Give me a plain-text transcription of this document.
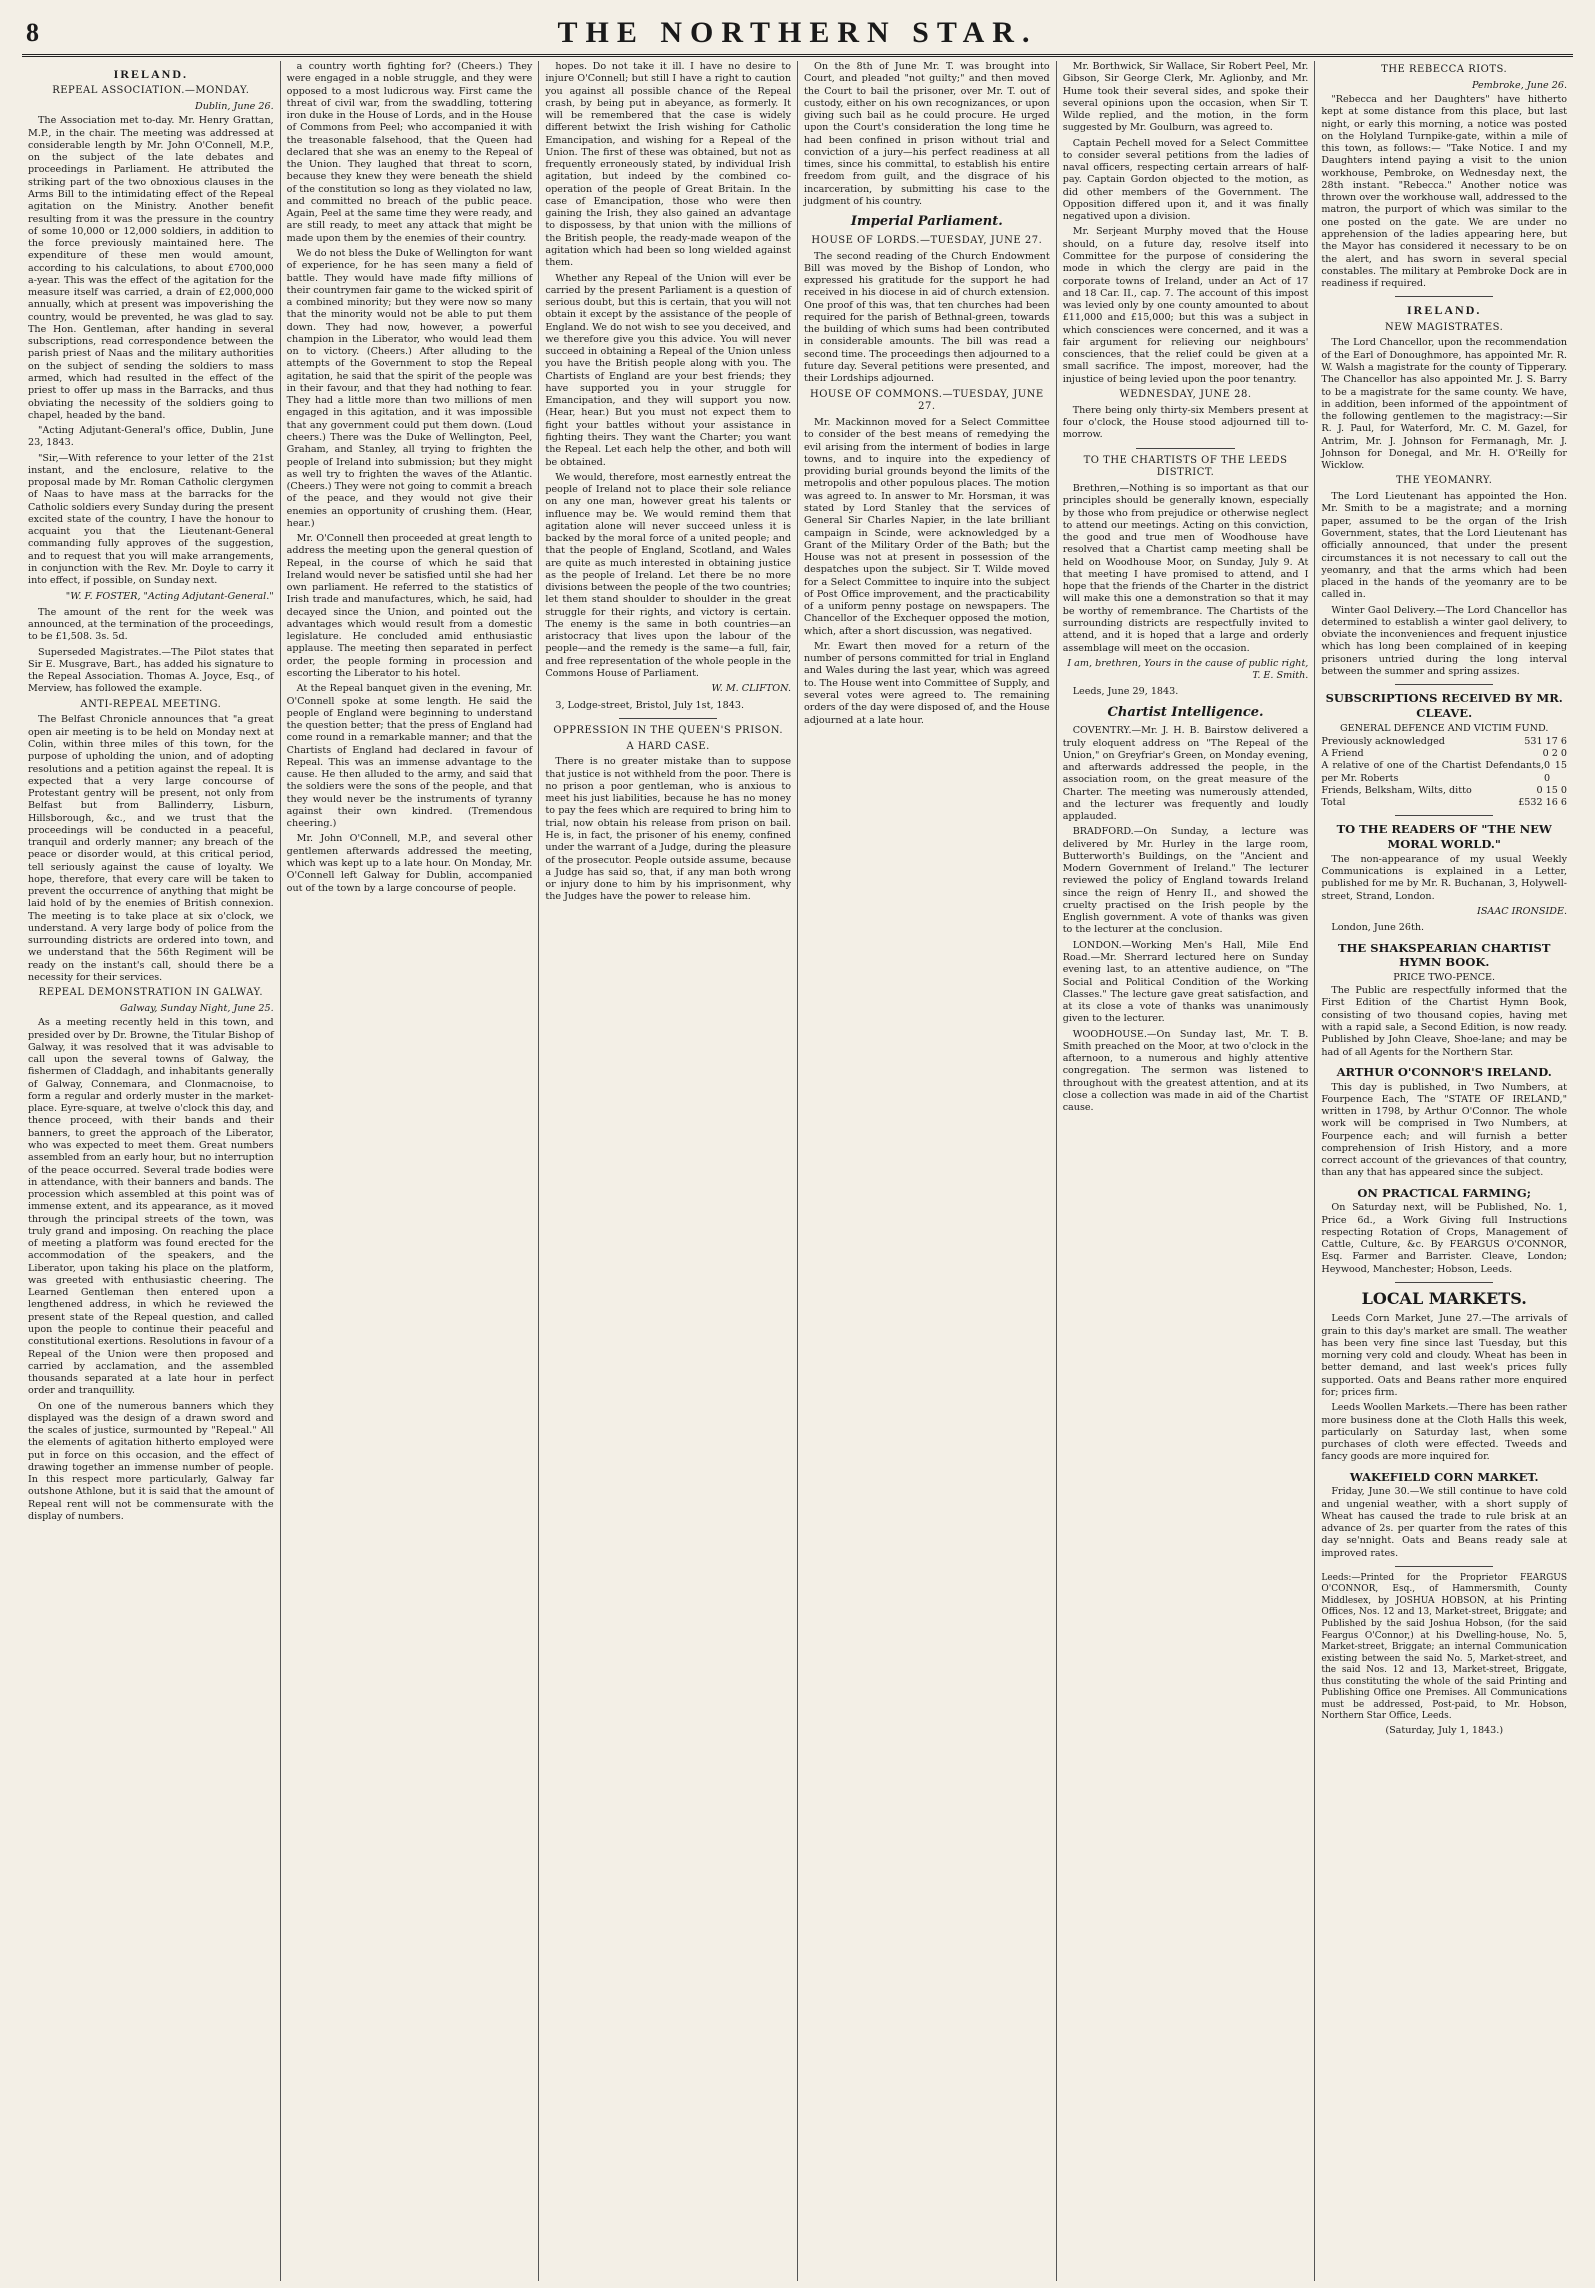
8	THE NORTHERN STAR.
IRELAND.
REPEAL ASSOCIATION.—MONDAY.
Dublin, June 26.

The Association met to-day. Mr. Henry Grattan, M.P., in the chair. The meeting was addressed at considerable length by Mr. John O'Connell, M.P., on the subject of the late debates and proceedings in Parliament. He attributed the striking part of the two obnoxious clauses in the Arms Bill to the intimidating effect of the Repeal agitation on the Ministry. Another benefit resulting from it was the pressure in the country of some 10,000 or 12,000 soldiers, in addition to the force previously maintained here. The expenditure of these men would amount, according to his calculations, to about £700,000 a-year. This was the effect of the agitation for the measure itself was carried, a drain of £2,000,000 annually, which at present was impoverishing the country, would be prevented, he was glad to say. The Hon. Gentleman, after handing in several subscriptions, read correspondence between the parish priest of Naas and the military authorities on the subject of sending the soldiers to mass armed, which had resulted in the effect of the priest to offer up mass in the Barracks, and thus obviating the necessity of the soldiers going to chapel, headed by the band.

"Acting Adjutant-General's office, Dublin, June 23, 1843.

"Sir,—With reference to your letter of the 21st instant, and the enclosure, relative to the proposal made by Mr. Roman Catholic clergymen of Naas to have mass at the barracks for the Catholic soldiers every Sunday during the present excited state of the country, I have the honour to acquaint you that the Lieutenant-General commanding fully approves of the suggestion, and to request that you will make arrangements, in conjunction with the Rev. Mr. Doyle to carry it into effect, if possible, on Sunday next.

"W. F. FOSTER, "Acting Adjutant-General."

The amount of the rent for the week was announced, at the termination of the proceedings, to be £1,508. 3s. 5d.

Superseded Magistrates.—The Pilot states that Sir E. Musgrave, Bart., has added his signature to the Repeal Association. Thomas A. Joyce, Esq., of Merview, has followed the example.

ANTI-REPEAL MEETING.

The Belfast Chronicle announces that "a great open air meeting is to be held on Monday next at Colin, within three miles of this town, for the purpose of upholding the union, and of adopting resolutions and a petition against the repeal. It is expected that a very large concourse of Protestant gentry will be present, not only from Belfast but from Ballinderry, Lisburn, Hillsborough, &c., and we trust that the proceedings will be conducted in a peaceful, tranquil and orderly manner; any breach of the peace or disorder would, at this critical period, tell seriously against the cause of loyalty. We hope, therefore, that every care will be taken to prevent the occurrence of anything that might be laid hold of by the enemies of British connexion. The meeting is to take place at six o'clock, we understand. A very large body of police from the surrounding districts are ordered into town, and we understand that the 56th Regiment will be ready on the instant's call, should there be a necessity for their services.

REPEAL DEMONSTRATION IN GALWAY.
Galway, Sunday Night, June 25.

As a meeting recently held in this town, and presided over by Dr. Browne, the Titular Bishop of Galway, it was resolved that it was advisable to call upon the several towns of Galway, the fishermen of Claddagh, and inhabitants generally of Galway, Connemara, and Clonmacnoise, to form a regular and orderly muster in the market-place. Eyre-square, at twelve o'clock this day, and thence proceed, with their bands and their banners, to greet the approach of the Liberator, who was expected to meet them. Great numbers assembled from an early hour, but no interruption of the peace occurred. Several trade bodies were in attendance, with their banners and bands. The procession which assembled at this point was of immense extent, and its appearance, as it moved through the principal streets of the town, was truly grand and imposing. On reaching the place of meeting a platform was found erected for the accommodation of the speakers, and the Liberator, upon taking his place on the platform, was greeted with enthusiastic cheering. The Learned Gentleman then entered upon a lengthened address, in which he reviewed the present state of the Repeal question, and called upon the people to continue their peaceful and constitutional exertions. Resolutions in favour of a Repeal of the Union were then proposed and carried by acclamation, and the assembled thousands separated at a late hour in perfect order and tranquillity.

On one of the numerous banners which they displayed was the design of a drawn sword and the scales of justice, surmounted by "Repeal." All the elements of agitation hitherto employed were put in force on this occasion, and the effect of drawing together an immense number of people. In this respect more particularly, Galway far outshone Athlone, but it is said that the amount of Repeal rent will not be commensurate with the display of numbers.

a country worth fighting for? (Cheers.) They were engaged in a noble struggle, and they were opposed to a most ludicrous way. First came the threat of civil war, from the swaddling, tottering iron duke in the House of Lords, and in the House of Commons from Peel; who accompanied it with the treasonable falsehood, that the Queen had declared that she was an enemy to the Repeal of the Union. They laughed that threat to scorn, because they knew they were beneath the shield of the constitution so long as they violated no law, and committed no breach of the public peace. Again, Peel at the same time they were ready, and are still ready, to meet any attack that might be made upon them by the enemies of their country.

We do not bless the Duke of Wellington for want of experience, for he has seen many a field of battle. They would have made fifty millions of their countrymen fair game to the wicked spirit of a combined minority; but they were now so many that the minority would not be able to put them down. They had now, however, a powerful champion in the Liberator, who would lead them on to victory. (Cheers.) After alluding to the attempts of the Government to stop the Repeal agitation, he said that the spirit of the people was in their favour, and that they had nothing to fear. They had a little more than two millions of men engaged in this agitation, and it was impossible that any government could put them down. (Loud cheers.) There was the Duke of Wellington, Peel, Graham, and Stanley, all trying to frighten the people of Ireland into submission; but they might as well try to frighten the waves of the Atlantic. (Cheers.) They were not going to commit a breach of the peace, and they would not give their enemies an opportunity of crushing them. (Hear, hear.)

Mr. O'Connell then proceeded at great length to address the meeting upon the general question of Repeal, in the course of which he said that Ireland would never be satisfied until she had her own parliament. He referred to the statistics of Irish trade and manufactures, which, he said, had decayed since the Union, and pointed out the advantages which would result from a domestic legislature. He concluded amid enthusiastic applause. The meeting then separated in perfect order, the people forming in procession and escorting the Liberator to his hotel.

At the Repeal banquet given in the evening, Mr. O'Connell spoke at some length. He said the people of England were beginning to understand the question better; that the press of England had come round in a remarkable manner; and that the Chartists of England had declared in favour of Repeal. This was an immense advantage to the cause. He then alluded to the army, and said that the soldiers were the sons of the people, and that they would never be the instruments of tyranny against their own kindred. (Tremendous cheering.)

Mr. John O'Connell, M.P., and several other gentlemen afterwards addressed the meeting, which was kept up to a late hour. On Monday, Mr. O'Connell left Galway for Dublin, accompanied out of the town by a large concourse of people.

hopes. Do not take it ill. I have no desire to injure O'Connell; but still I have a right to caution you against all possible chance of the Repeal crash, by being put in abeyance, as formerly. It will be remembered that the case is widely different betwixt the Irish wishing for Catholic Emancipation, and wishing for a Repeal of the Union. The first of these was obtained, but not as frequently erroneously stated, by individual Irish agitation, but indeed by the combined co-operation of the people of Great Britain. In the case of Emancipation, those who were then gaining the Irish, they also gained an advantage to dispossess, by that union with the millions of the British people, the ready-made weapon of the agitation which had been so long wielded against them.

Whether any Repeal of the Union will ever be carried by the present Parliament is a question of serious doubt, but this is certain, that you will not obtain it except by the assistance of the people of England. We do not wish to see you deceived, and we therefore give you this advice. You will never succeed in obtaining a Repeal of the Union unless you have the British people along with you. The Chartists of England are your best friends; they have supported you in your struggle for Emancipation, and they will support you now. (Hear, hear.) But you must not expect them to fight your battles without your assistance in fighting theirs. They want the Charter; you want the Repeal. Let each help the other, and both will be obtained.

We would, therefore, most earnestly entreat the people of Ireland not to place their sole reliance on any one man, however great his talents or influence may be. We would remind them that agitation alone will never succeed unless it is backed by the moral force of a united people; and that the people of England, Scotland, and Wales are quite as much interested in obtaining justice as the people of Ireland. Let there be no more divisions between the people of the two countries; let them stand shoulder to shoulder in the great struggle for their rights, and victory is certain. The enemy is the same in both countries—an aristocracy that lives upon the labour of the people—and the remedy is the same—a full, fair, and free representation of the whole people in the Commons House of Parliament.

W. M. CLIFTON.

3, Lodge-street, Bristol, July 1st, 1843.

OPPRESSION IN THE QUEEN'S PRISON.
A HARD CASE.

There is no greater mistake than to suppose that justice is not withheld from the poor. There is no prison a poor gentleman, who is anxious to meet his just liabilities, because he has no money to pay the fees which are required to bring him to trial, now obtain his release from prison on bail. He is, in fact, the prisoner of his enemy, confined under the warrant of a Judge, during the pleasure of the prosecutor. People outside assume, because a Judge has said so, that, if any man both wrong or injury done to him by his imprisonment, why the Judges have the power to release him.

On the 8th of June Mr. T. was brought into Court, and pleaded "not guilty;" and then moved the Court to bail the prisoner, over Mr. T. out of custody, either on his own recognizances, or upon giving such bail as he could procure. He urged upon the Court's consideration the long time he had been confined in prison without trial and conviction of a jury—his perfect readiness at all times, since his committal, to establish his entire freedom from guilt, and the disgrace of his incarceration, by submitting his case to the judgment of his country.

Imperial Parliament.
HOUSE OF LORDS.—TUESDAY, JUNE 27.

The second reading of the Church Endowment Bill was moved by the Bishop of London, who expressed his gratitude for the support he had received in his diocese in aid of church extension. One proof of this was, that ten churches had been required for the parish of Bethnal-green, towards the building of which sums had been contributed in considerable amounts. The bill was read a second time. The proceedings then adjourned to a future day. Several petitions were presented, and their Lordships adjourned.

HOUSE OF COMMONS.—TUESDAY, JUNE 27.

Mr. Mackinnon moved for a Select Committee to consider of the best means of remedying the evil arising from the interment of bodies in large towns, and to inquire into the expediency of providing burial grounds beyond the limits of the metropolis and other populous places. The motion was agreed to. In answer to Mr. Horsman, it was stated by Lord Stanley that the services of General Sir Charles Napier, in the late brilliant campaign in Scinde, were acknowledged by a Grant of the Military Order of the Bath; but the House was not at present in possession of the despatches upon the subject. Sir T. Wilde moved for a Select Committee to inquire into the subject of Post Office improvement, and the practicability of a uniform penny postage on newspapers. The Chancellor of the Exchequer opposed the motion, which, after a short discussion, was negatived.

Mr. Ewart then moved for a return of the number of persons committed for trial in England and Wales during the last year, which was agreed to. The House went into Committee of Supply, and several votes were agreed to. The remaining orders of the day were disposed of, and the House adjourned at a late hour.

Mr. Borthwick, Sir Wallace, Sir Robert Peel, Mr. Gibson, Sir George Clerk, Mr. Aglionby, and Mr. Hume took their several sides, and spoke their several opinions upon the occasion, when Sir T. Wilde replied, and the motion, in the form suggested by Mr. Goulburn, was agreed to.

Captain Pechell moved for a Select Committee to consider several petitions from the ladies of naval officers, respecting certain arrears of half-pay. Captain Gordon objected to the motion, as did other members of the Government. The Opposition differed upon it, and it was finally negatived upon a division.

Mr. Serjeant Murphy moved that the House should, on a future day, resolve itself into Committee for the purpose of considering the mode in which the clergy are paid in the corporate towns of Ireland, under an Act of 17 and 18 Car. II., cap. 7. The account of this impost was levied only by one county amounted to about £11,000 and £15,000; but this was a subject in which consciences were concerned, and it was a fair argument for relieving our neighbours' consciences, that the relief could be given at a small sacrifice. The impost, moreover, had the injustice of being levied upon the poor tenantry.

WEDNESDAY, JUNE 28.

There being only thirty-six Members present at four o'clock, the House stood adjourned till to-morrow.

TO THE CHARTISTS OF THE LEEDS DISTRICT.

Brethren,—Nothing is so important as that our principles should be generally known, especially by those who from prejudice or otherwise neglect to attend our meetings. Acting on this conviction, the good and true men of Woodhouse have resolved that a Chartist camp meeting shall be held on Woodhouse Moor, on Sunday, July 9. At that meeting I have promised to attend, and I hope that the friends of the Charter in the district will make this one a demonstration so that it may be worthy of remembrance. The Chartists of the surrounding districts are respectfully invited to attend, and it is hoped that a large and orderly assemblage will meet on the occasion.

I am, brethren, Yours in the cause of public right, T. E. Smith.

Leeds, June 29, 1843.

Chartist Intelligence.

COVENTRY.—Mr. J. H. B. Bairstow delivered a truly eloquent address on "The Repeal of the Union," on Greyfriar's Green, on Monday evening, and afterwards addressed the people, in the association room, on the great measure of the Charter. The meeting was numerously attended, and the lecturer was frequently and loudly applauded.

BRADFORD.—On Sunday, a lecture was delivered by Mr. Hurley in the large room, Butterworth's Buildings, on the "Ancient and Modern Government of Ireland." The lecturer reviewed the policy of England towards Ireland since the reign of Henry II., and showed the cruelty practised on the Irish people by the English government. A vote of thanks was given to the lecturer at the conclusion.

LONDON.—Working Men's Hall, Mile End Road.—Mr. Sherrard lectured here on Sunday evening last, to an attentive audience, on "The Social and Political Condition of the Working Classes." The lecture gave great satisfaction, and at its close a vote of thanks was unanimously given to the lecturer.

WOODHOUSE.—On Sunday last, Mr. T. B. Smith preached on the Moor, at two o'clock in the afternoon, to a numerous and highly attentive congregation. The sermon was listened to throughout with the greatest attention, and at its close a collection was made in aid of the Chartist cause.

THE REBECCA RIOTS.
Pembroke, June 26.

"Rebecca and her Daughters" have hitherto kept at some distance from this place, but last night, or early this morning, a notice was posted on the Holyland Turnpike-gate, within a mile of this town, as follows:— "Take Notice. I and my Daughters intend paying a visit to the union workhouse, Pembroke, on Wednesday next, the 28th instant. "Rebecca." Another notice was thrown over the workhouse wall, addressed to the matron, the purport of which was similar to the one posted on the gate. We are under no apprehension of the ladies appearing here, but the Mayor has considered it necessary to be on the alert, and has sworn in several special constables. The military at Pembroke Dock are in readiness if required.

IRELAND.
NEW MAGISTRATES.

The Lord Chancellor, upon the recommendation of the Earl of Donoughmore, has appointed Mr. R. W. Walsh a magistrate for the county of Tipperary. The Chancellor has also appointed Mr. J. S. Barry to be a magistrate for the same county. We have, in addition, been informed of the appointment of the following gentlemen to the magistracy:—Sir R. J. Paul, for Waterford, Mr. C. M. Gazel, for Antrim, Mr. J. Johnson for Fermanagh, Mr. J. Johnson for Donegal, and Mr. H. O'Reilly for Wicklow.

THE YEOMANRY.

The Lord Lieutenant has appointed the Hon. Mr. Smith to be a magistrate; and a morning paper, assumed to be the organ of the Irish Government, states, that the Lord Lieutenant has officially announced, that under the present circumstances it is not necessary to call out the yeomanry, and that the arms which had been placed in the hands of the yeomanry are to be called in.

Winter Gaol Delivery.—The Lord Chancellor has determined to establish a winter gaol delivery, to obviate the inconveniences and frequent injustice which has long been complained of in keeping prisoners untried during the long interval between the summer and spring assizes.

SUBSCRIPTIONS RECEIVED BY MR. CLEAVE.
GENERAL DEFENCE AND VICTIM FUND.
Previously acknowledged	531 17 6
A Friend	0 2 0
A relative of one of the Chartist Defendants, per Mr. Roberts
0 15 0
Friends, Belksham, Wilts, ditto	0 15 0
Total	£532 16 6
TO THE READERS OF "THE NEW MORAL WORLD."

The non-appearance of my usual Weekly Communications is explained in a Letter, published for me by Mr. R. Buchanan, 3, Holywell-street, Strand, London.

ISAAC IRONSIDE.

London, June 26th.

THE SHAKSPEARIAN CHARTIST HYMN BOOK.
PRICE TWO-PENCE.

The Public are respectfully informed that the First Edition of the Chartist Hymn Book, consisting of two thousand copies, having met with a rapid sale, a Second Edition, is now ready. Published by John Cleave, Shoe-lane; and may be had of all Agents for the Northern Star.

ARTHUR O'CONNOR'S IRELAND.

This day is published, in Two Numbers, at Fourpence Each, The "STATE OF IRELAND," written in 1798, by Arthur O'Connor. The whole work will be comprised in Two Numbers, at Fourpence each; and will furnish a better comprehension of Irish History, and a more correct account of the grievances of that country, than any that has appeared since the subject.

ON PRACTICAL FARMING;

On Saturday next, will be Published, No. 1, Price 6d., a Work Giving full Instructions respecting Rotation of Crops, Management of Cattle, Culture, &c. By FEARGUS O'CONNOR, Esq. Farmer and Barrister. Cleave, London; Heywood, Manchester; Hobson, Leeds.

LOCAL MARKETS.

Leeds Corn Market, June 27.—The arrivals of grain to this day's market are small. The weather has been very fine since last Tuesday, but this morning very cold and cloudy. Wheat has been in better demand, and last week's prices fully supported. Oats and Beans rather more enquired for; prices firm.

Leeds Woollen Markets.—There has been rather more business done at the Cloth Halls this week, particularly on Saturday last, when some purchases of cloth were effected. Tweeds and fancy goods are more inquired for.

WAKEFIELD CORN MARKET.

Friday, June 30.—We still continue to have cold and ungenial weather, with a short supply of Wheat has caused the trade to rule brisk at an advance of 2s. per quarter from the rates of this day se'nnight. Oats and Beans ready sale at improved rates.

Leeds:—Printed for the Proprietor FEARGUS O'CONNOR, Esq., of Hammersmith, County Middlesex, by JOSHUA HOBSON, at his Printing Offices, Nos. 12 and 13, Market-street, Briggate; and Published by the said Joshua Hobson, (for the said Feargus O'Connor,) at his Dwelling-house, No. 5, Market-street, Briggate; an internal Communication existing between the said No. 5, Market-street, and the said Nos. 12 and 13, Market-street, Briggate, thus constituting the whole of the said Printing and Publishing Office one Premises. All Communications must be addressed, Post-paid, to Mr. Hobson, Northern Star Office, Leeds.
(Saturday, July 1, 1843.)
